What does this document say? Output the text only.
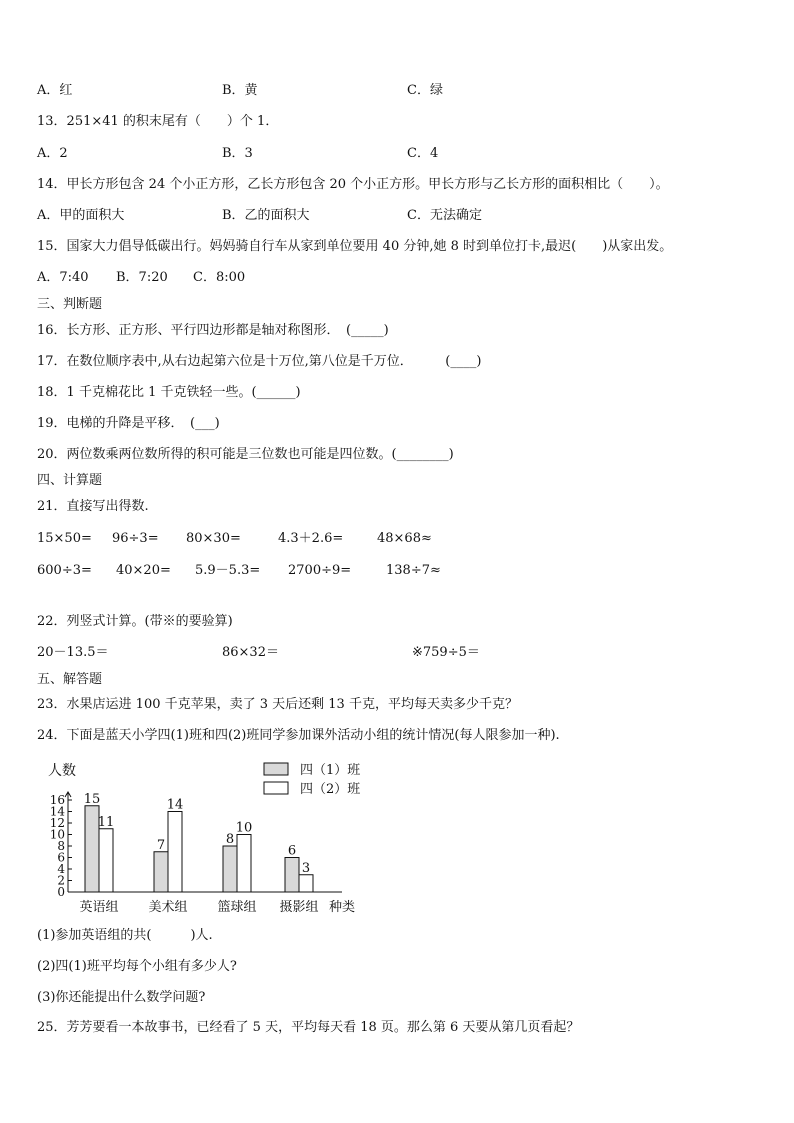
A．红	B．黄	C．绿
13．251×41 的积末尾有（　　）个 1．
A．2	B．3	C．4
14．甲长方形包含 24 个小正方形，乙长方形包含 20 个小正方形。甲长方形与乙长方形的面积相比（　　）。
A．甲的面积大	B．乙的面积大	C．无法确定
15．国家大力倡导低碳出行。妈妈骑自行车从家到单位要用 40 分钟,她 8 时到单位打卡,最迟(　　)从家出发。
A．7:40 B．7:20 C．8:00
三、判断题
16．长方形、正方形、平行四边形都是轴对称图形．　(_____)
17．在数位顺序表中,从右边起第六位是十万位,第八位是千万位．　　　(____)
18．1 千克棉花比 1 千克铁轻一些。(______)
19．电梯的升降是平移．　(___)
20．两位数乘两位数所得的积可能是三位数也可能是四位数。(________)
四、计算题
21．直接写出得数.
15×50= 96÷3= 80×30=	4.3＋2.6=	48×68≈
600÷3= 40×20= 5.9－5.3= 2700÷9=	138÷7≈
22．列竖式计算。(带※的要验算)
20－13.5＝	86×32＝	※759÷5＝
五、解答题
23．水果店运进 100 千克苹果，卖了 3 天后还剩 13 千克，平均每天卖多少千克？
24．下面是蓝天小学四(1)班和四(2)班同学参加课外活动小组的统计情况(每人限参加一种).
人数
0
2
4
6
8
10
12
14
16 15
11
英语组
7
14
美术组
8
10
篮球组
6
3
摄影组 种类
四（1）班
四（2）班
(1)参加英语组的共(　　　)人.
(2)四(1)班平均每个小组有多少人?
(3)你还能提出什么数学问题?
25．芳芳要看一本故事书，已经看了 5 天，平均每天看 18 页。那么第 6 天要从第几页看起？
